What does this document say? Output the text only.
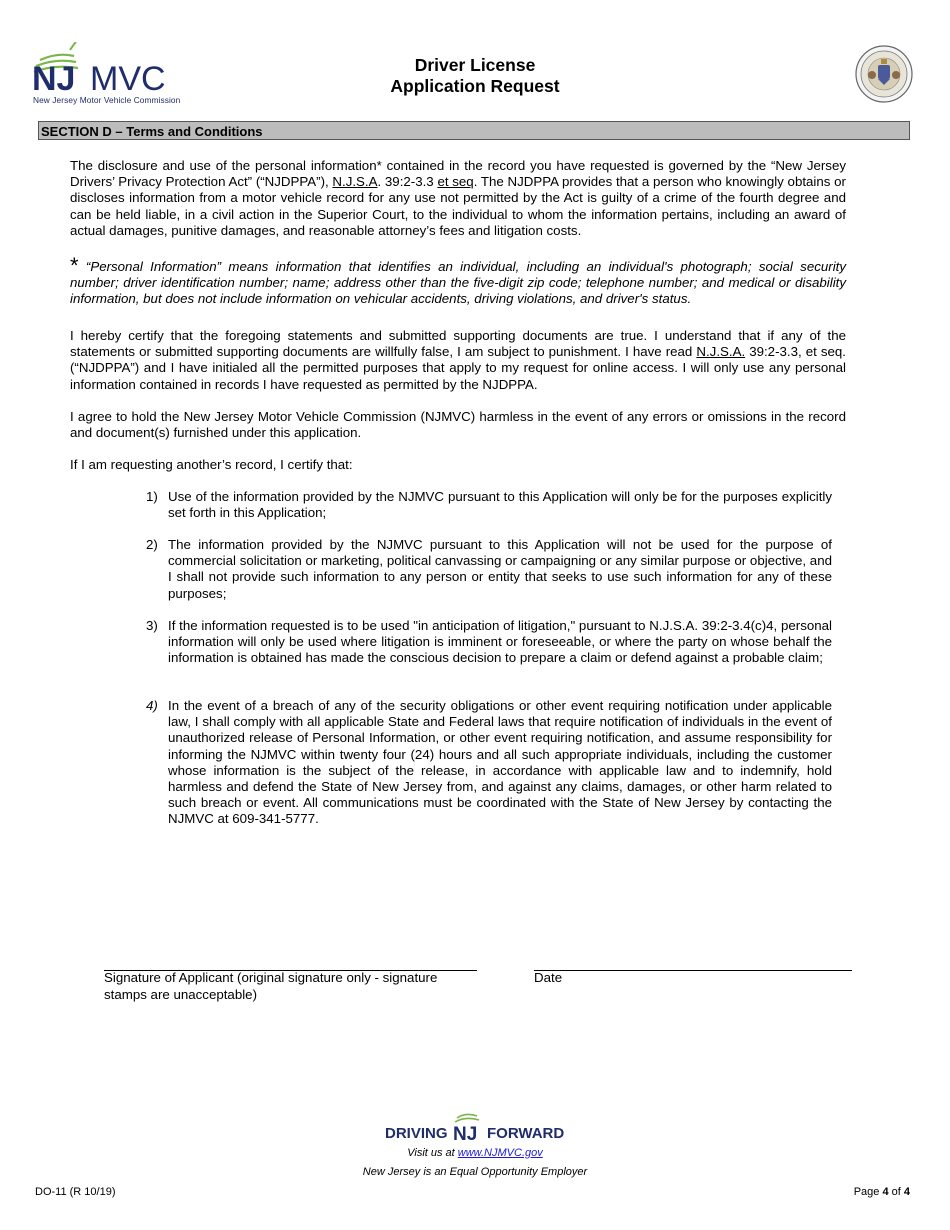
NJ MVC
New Jersey Motor Vehicle Commission
Driver License
Application Request
SECTION D – Terms and Conditions
The disclosure and use of the personal information* contained in the record you have requested is governed by the “New Jersey Drivers’ Privacy Protection Act” (“NJDPPA”), N.J.S.A. 39:2-3.3 et seq. The NJDPPA provides that a person who knowingly obtains or discloses information from a motor vehicle record for any use not permitted by the Act is guilty of a crime of the fourth degree and can be held liable, in a civil action in the Superior Court, to the individual to whom the information pertains, including an award of actual damages, punitive damages, and reasonable attorney’s fees and litigation costs.
* “Personal Information” means information that identifies an individual, including an individual's photograph; social security number; driver identification number; name; address other than the five-digit zip code; telephone number; and medical or disability information, but does not include information on vehicular accidents, driving violations, and driver's status.
I hereby certify that the foregoing statements and submitted supporting documents are true. I understand that if any of the statements or submitted supporting documents are willfully false, I am subject to punishment. I have read N.J.S.A. 39:2-3.3, et seq. (“NJDPPA”) and I have initialed all the permitted purposes that apply to my request for online access. I will only use any personal information contained in records I have requested as permitted by the NJDPPA.
I agree to hold the New Jersey Motor Vehicle Commission (NJMVC) harmless in the event of any errors or omissions in the record and document(s) furnished under this application.
If I am requesting another’s record, I certify that:
1) Use of the information provided by the NJMVC pursuant to this Application will only be for the purposes explicitly set forth in this Application;
2) The information provided by the NJMVC pursuant to this Application will not be used for the purpose of commercial solicitation or marketing, political canvassing or campaigning or any similar purpose or objective, and I shall not provide such information to any person or entity that seeks to use such information for any of these purposes;
3) If the information requested is to be used "in anticipation of litigation," pursuant to N.J.S.A. 39:2-3.4(c)4, personal information will only be used where litigation is imminent or foreseeable, or where the party on whose behalf the information is obtained has made the conscious decision to prepare a claim or defend against a probable claim;
4) In the event of a breach of any of the security obligations or other event requiring notification under applicable law, I shall comply with all applicable State and Federal laws that require notification of individuals in the event of unauthorized release of Personal Information, or other event requiring notification, and assume responsibility for informing the NJMVC within twenty four (24) hours and all such appropriate individuals, including the customer whose information is the subject of the release, in accordance with applicable law and to indemnify, hold harmless and defend the State of New Jersey from, and against any claims, damages, or other harm related to such breach or event. All communications must be coordinated with the State of New Jersey by contacting the NJMVC at 609-341-5777.
Signature of Applicant (original signature only - signature stamps are unacceptable)
Date
DRIVING NJ FORWARD
Visit us at www.NJMVC.gov
New Jersey is an Equal Opportunity Employer
DO-11 (R 10/19)	Page 4 of 4
